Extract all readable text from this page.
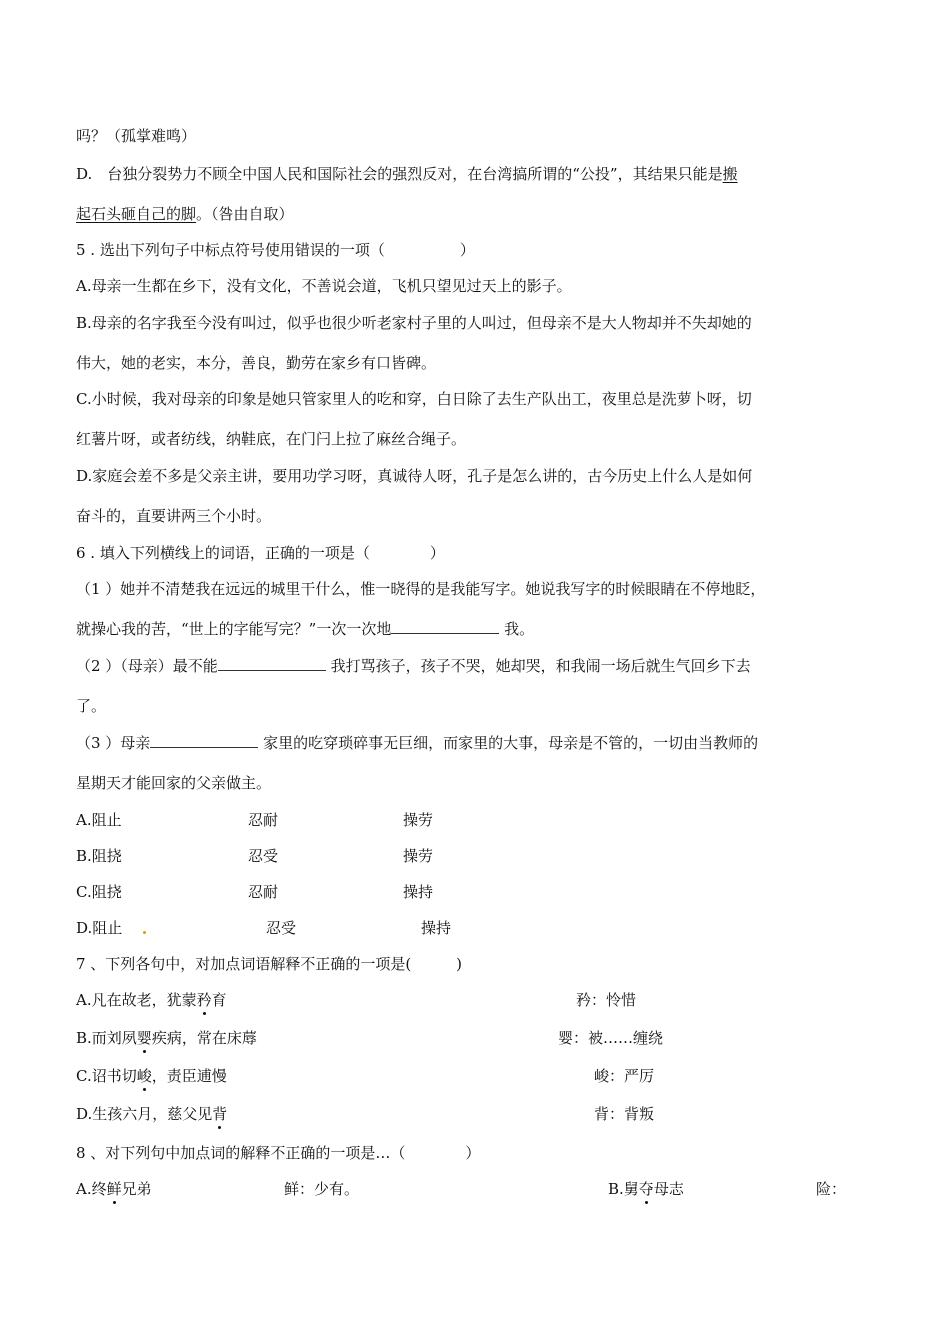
吗？（孤掌难鸣）
D.　台独分裂势力不顾全中国人民和国际社会的强烈反对，在台湾搞所谓的“公投”，其结果只能是搬
起石头砸自己的脚。（咎由自取）
5 . 选出下列句子中标点符号使用错误的一项（　　　　　）
A.母亲一生都在乡下，没有文化，不善说会道，飞机只望见过天上的影子。
B.母亲的名字我至今没有叫过，似乎也很少听老家村子里的人叫过，但母亲不是大人物却并不失却她的
伟大，她的老实，本分，善良，勤劳在家乡有口皆碑。
C.小时候，我对母亲的印象是她只管家里人的吃和穿，白日除了去生产队出工，夜里总是洗萝卜呀，切
红薯片呀，或者纺线，纳鞋底，在门闩上拉了麻丝合绳子。
D.家庭会差不多是父亲主讲，要用功学习呀，真诚待人呀，孔子是怎么讲的，古今历史上什么人是如何
奋斗的，直要讲两三个小时。
6 . 填入下列横线上的词语，正确的一项是（　　　　）
（1 ）她并不清楚我在远远的城里干什么，惟一晓得的是我能写字。她说我写字的时候眼睛在不停地眨，
就操心我的苦，“世上的字能写完？”一次一次地	我。
（2 ）（母亲）最不能	我打骂孩子，孩子不哭，她却哭，和我闹一场后就生气回乡下去
了。
（3 ）母亲	家里的吃穿琐碎事无巨细，而家里的大事，母亲是不管的，一切由当教师的
星期天才能回家的父亲做主。
A.阻止	忍耐	操劳
B.阻挠	忍受	操劳
C.阻挠	忍耐	操持
D.阻止	忍受	操持
7 、下列各句中，对加点词语解释不正确的一项是(　　　)
A.凡在故老，犹蒙矜育	矜：怜惜
B.而刘夙婴疾病，常在床蓐	婴：被……缠绕
C.诏书切峻，责臣逋慢	峻：严厉
D.生孩六月，慈父见背	背：背叛
8 、对下列句中加点词的解释不正确的一项是…（　　　　）
A.终鲜兄弟	鲜：少有。	B.舅夺母志	险：
